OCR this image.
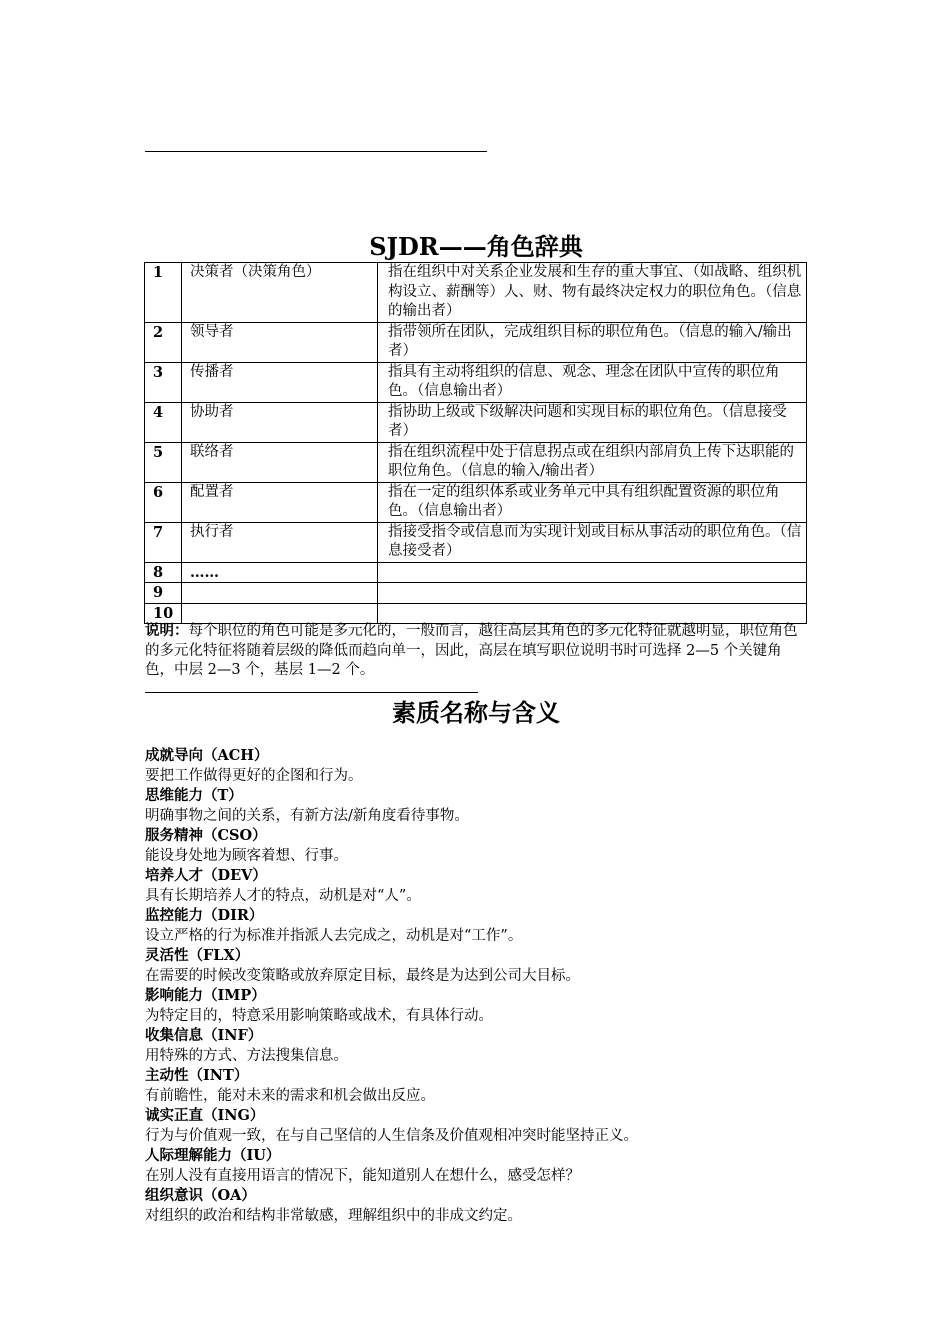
SJDR——角色辞典
1	决策者（决策角色）	指在组织中对关系企业发展和生存的重大事宜、（如战略、组织机构设立、薪酬等）人、财、物有最终决定权力的职位角色。（信息的输出者）
2	领导者	指带领所在团队，完成组织目标的职位角色。（信息的输入/输出者）
3	传播者	指具有主动将组织的信息、观念、理念在团队中宣传的职位角色。（信息输出者）
4	协助者	指协助上级或下级解决问题和实现目标的职位角色。（信息接受者）
5	联络者	指在组织流程中处于信息拐点或在组织内部肩负上传下达职能的职位角色。（信息的输入/输出者）
6	配置者	指在一定的组织体系或业务单元中具有组织配置资源的职位角色。（信息输出者）
7	执行者	指接受指令或信息而为实现计划或目标从事活动的职位角色。（信息接受者）
8	……	
9		
10		
说明：每个职位的角色可能是多元化的，一般而言，越往高层其角色的多元化特征就越明显，职位角色的多元化特征将随着层级的降低而趋向单一，因此，高层在填写职位说明书时可选择 2—5 个关键角色，中层 2—3 个，基层 1—2 个。
素质名称与含义
成就导向（ACH）
要把工作做得更好的企图和行为。
思维能力（T）
明确事物之间的关系，有新方法/新角度看待事物。
服务精神（CSO）
能设身处地为顾客着想、行事。
培养人才（DEV）
具有长期培养人才的特点，动机是对“人”。
监控能力（DIR）
设立严格的行为标准并指派人去完成之，动机是对“工作”。
灵活性（FLX）
在需要的时候改变策略或放弃原定目标，最终是为达到公司大目标。
影响能力（IMP）
为特定目的，特意采用影响策略或战术，有具体行动。
收集信息（INF）
用特殊的方式、方法搜集信息。
主动性（INT）
有前瞻性，能对未来的需求和机会做出反应。
诚实正直（ING）
行为与价值观一致，在与自己坚信的人生信条及价值观相冲突时能坚持正义。
人际理解能力（IU）
在别人没有直接用语言的情况下，能知道别人在想什么，感受怎样？
组织意识（OA）
对组织的政治和结构非常敏感，理解组织中的非成文约定。
